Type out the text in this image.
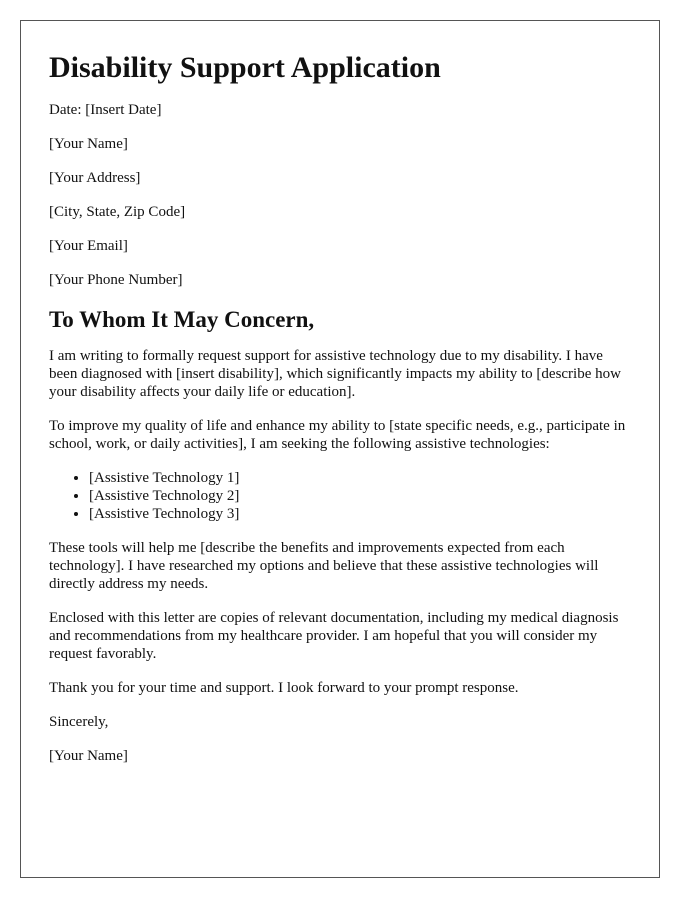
Disability Support Application
Date: [Insert Date]
[Your Name]
[Your Address]
[City, State, Zip Code]
[Your Email]
[Your Phone Number]
To Whom It May Concern,

I am writing to formally request support for assistive technology due to my disability. I have been diagnosed with [insert disability], which significantly impacts my ability to [describe how your disability affects your daily life or education].

To improve my quality of life and enhance my ability to [state specific needs, e.g., participate in school, work, or daily activities], I am seeking the following assistive technologies:

• [Assistive Technology 1]
• [Assistive Technology 2]
• [Assistive Technology 3]

These tools will help me [describe the benefits and improvements expected from each technology]. I have researched my options and believe that these assistive technologies will directly address my needs.

Enclosed with this letter are copies of relevant documentation, including my medical diagnosis and recommendations from my healthcare provider. I am hopeful that you will consider my request favorably.

Thank you for your time and support. I look forward to your prompt response.

Sincerely,
[Your Name]
